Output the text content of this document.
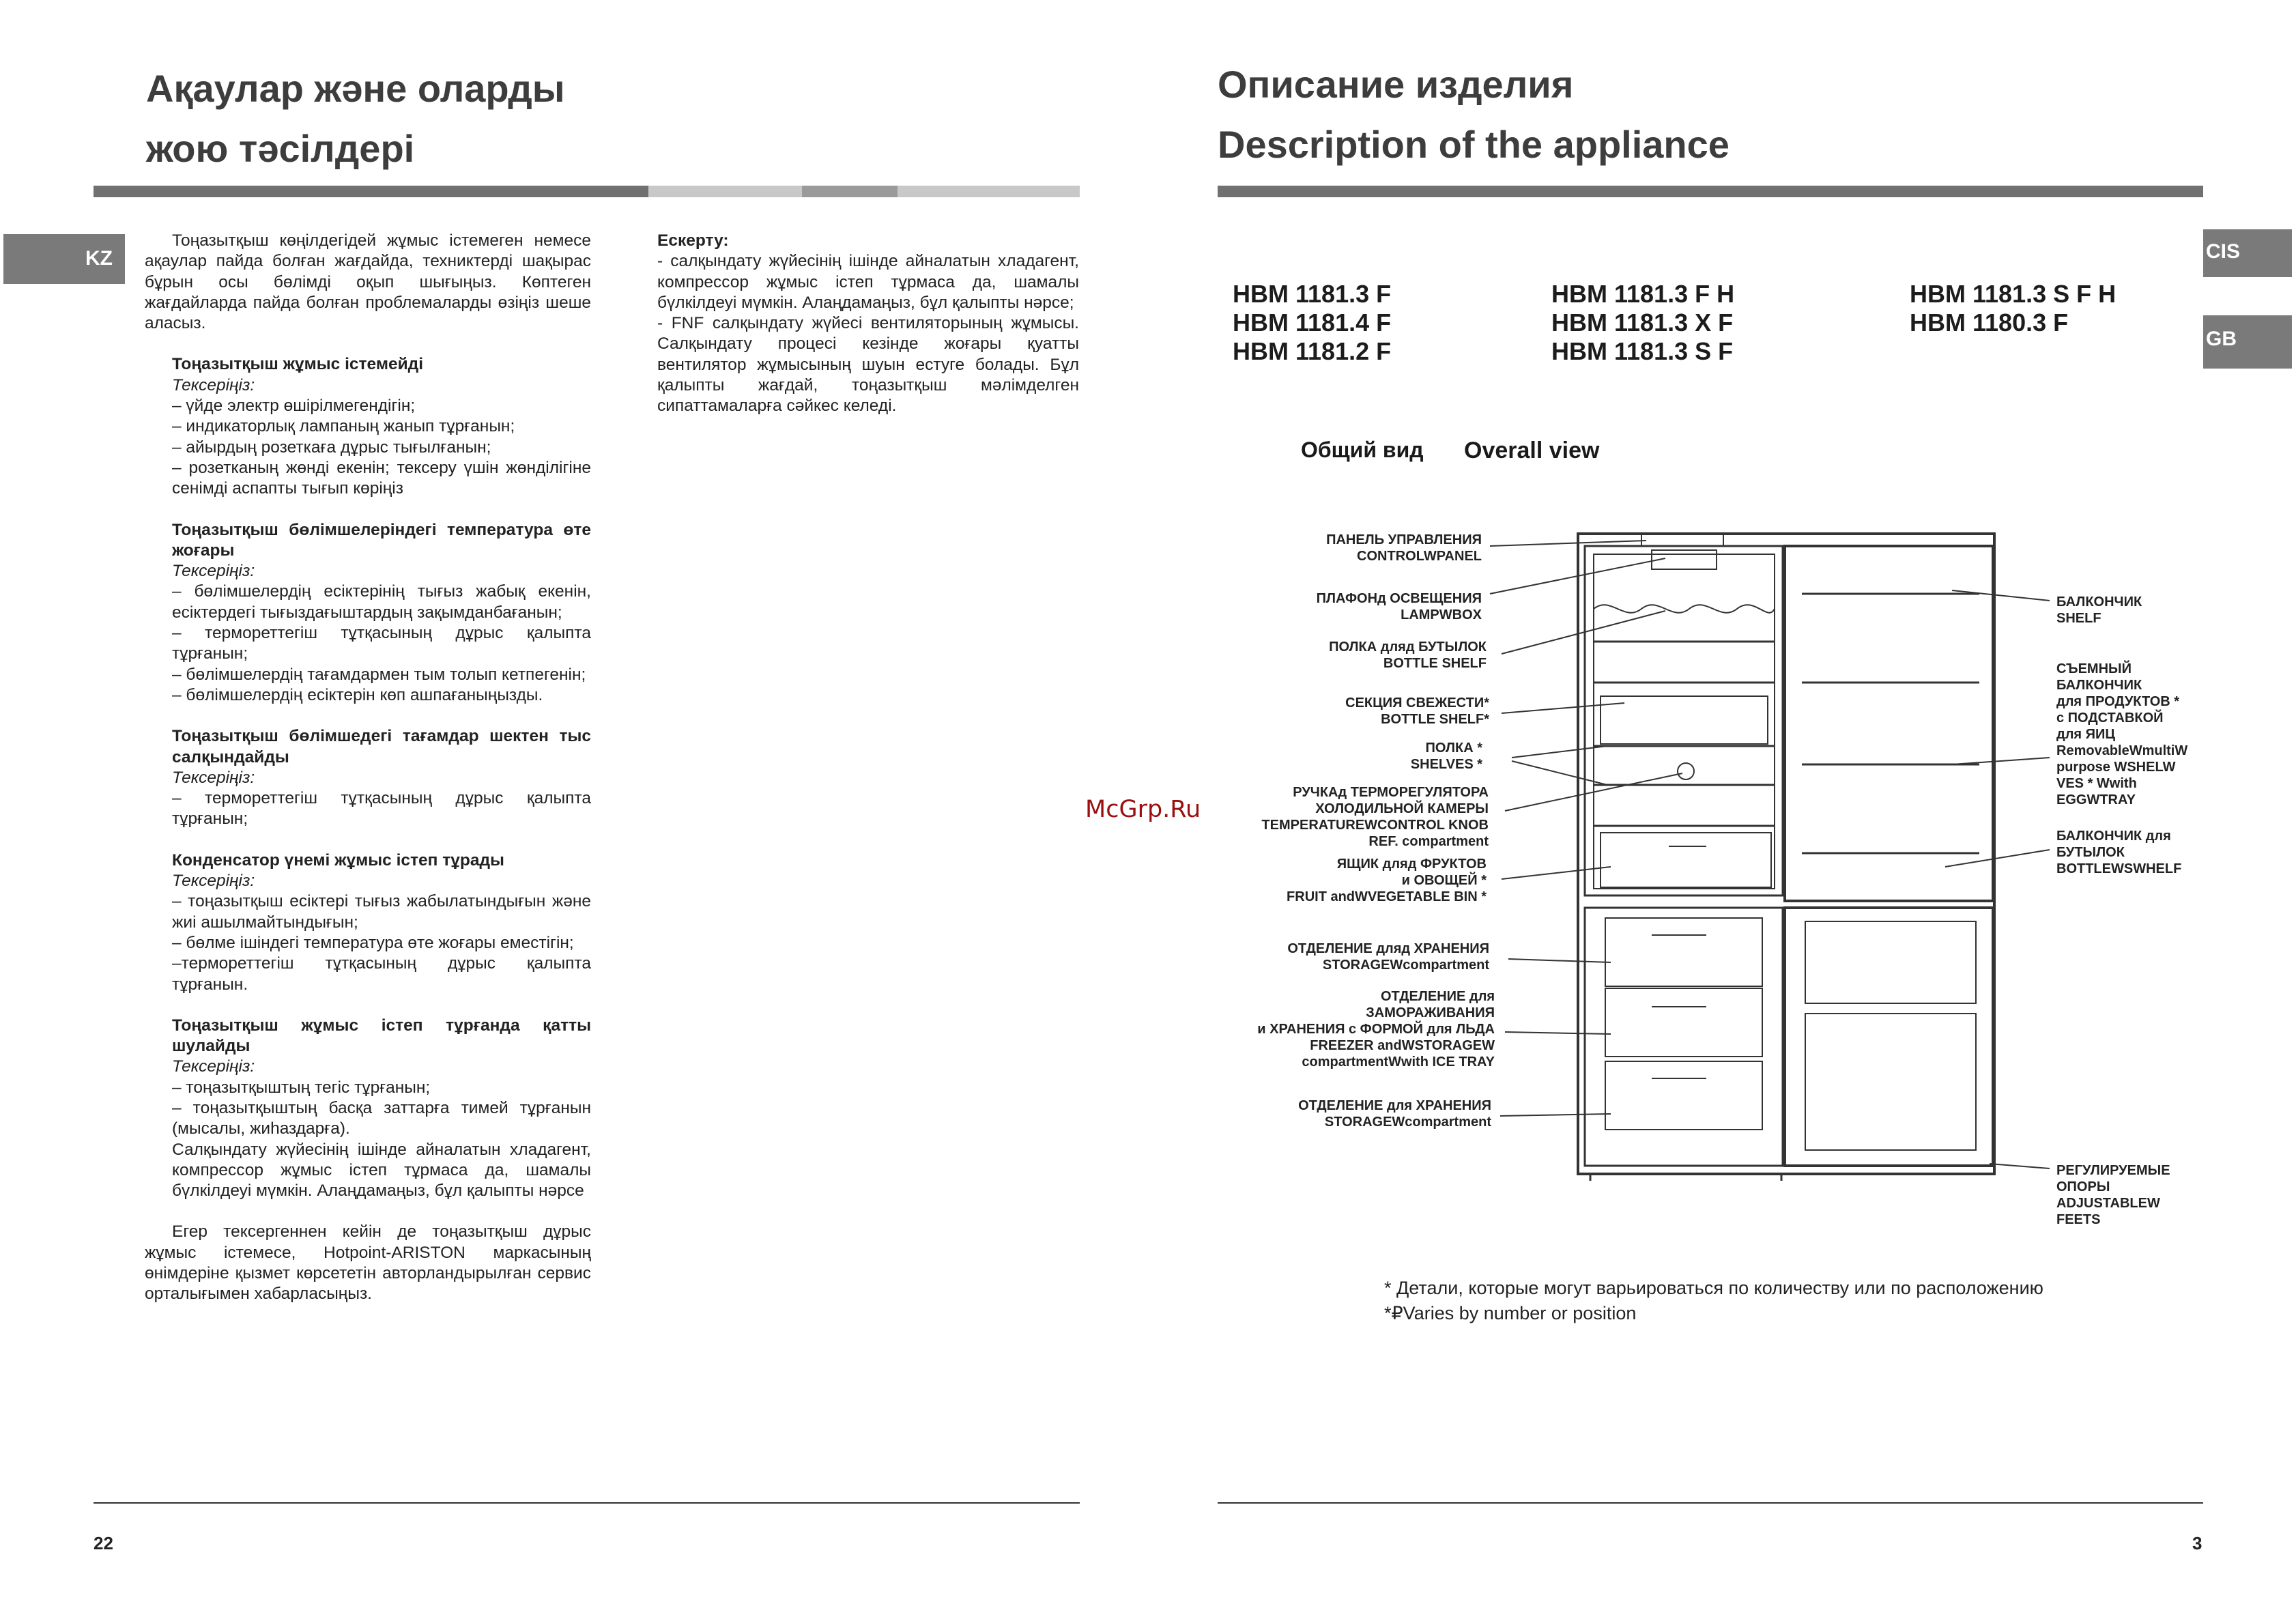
Ақаулар және оларды
жою тәсілдері
KZ

Тоңазытқыш көңілдегідей жұмыс істемеген немесе ақаулар пайда болған жағдайда, техниктерді шақырас бұрын осы бөлімді оқып шығыңыз. Көптеген жағдайларда пайда болған проблемаларды өзіңіз шеше аласыз.

Тоңазытқыш жұмыс істемейді

Тексеріңіз:

– үйде электр өшірілмегендігін;

– индикаторлық лампаның жанып тұрғанын;

– айырдың розеткаға дұрыс тығылғанын;

– розетканың жөнді екенін; тексеру үшін жөнділігіне сенімді аспапты тығып көріңіз

Тоңазытқыш бөлімшелеріндегі температура өте жоғары

Тексеріңіз:

– бөлімшелердің есіктерінің тығыз жабық екенін, есіктердегі тығыздағыштардың зақымданбағанын;

– термореттегіш тұтқасының дұрыс қалыпта тұрғанын;

– бөлімшелердің тағамдармен тым толып кетпегенін;

– бөлімшелердің есіктерін көп ашпағаныңызды.

Тоңазытқыш бөлімшедегі тағамдар шектен тыс салқындайды

Тексеріңіз:

– термореттегіш тұтқасының дұрыс қалыпта тұрғанын;

Конденсатор үнемі жұмыс істеп тұрады

Тексеріңіз:

– тоңазытқыш есіктері тығыз жабылатындығын және жиі ашылмайтындығын;

– бөлме ішіндегі температура өте жоғары еместігін;

–термореттегіш тұтқасының дұрыс қалыпта тұрғанын.

Тоңазытқыш жұмыс істеп тұрғанда қатты шулайды

Тексеріңіз:

– тоңазытқыштың тегіс тұрғанын;

– тоңазытқыштың басқа заттарға тимей тұрғанын (мысалы, жиһаздарға).

Салқындату жүйесінің ішінде айналатын хладагент, компрессор жұмыс істеп тұрмаса да, шамалы бүлкілдеуі мүмкін. Алаңдамаңыз, бұл қалыпты нәрсе

Егер тексергеннен кейін де тоңазытқыш дұрыс жұмыс істемесе, Hotpoint-ARISTON маркасының өнімдеріне қызмет көрсететін авторландырылған сервис орталығымен хабарласыңыз.

Ескерту:

- салқындату жүйесінің ішінде айналатын хладагент, компрессор жұмыс істеп тұрмаса да, шамалы бүлкілдеуі мүмкін. Алаңдамаңыз, бұл қалыпты нәрсе;
- FNF салқындату жүйесі вентиляторының жұмысы. Салқындату процесі кезінде жоғары қуатты вентилятор жұмысының шуын естуге болады. Бұл қалыпты жағдай, тоңазытқыш мәлімделген сипаттамаларға сәйкес келеді.

22
McGrp.Ru
Описание изделия
Description of the appliance
CIS
GB
HBM 1181.3 F
HBM 1181.4 F
HBM 1181.2 F
HBM 1181.3 F H
HBM 1181.3 X F
HBM 1181.3 S F
HBM 1181.3 S F H
HBM 1180.3 F
Общий вид Overall view
ПАНЕЛЬ УПРАВЛЕНИЯ
CONTROLWPANEL
ПЛАФОНд ОСВЕЩЕНИЯ
LAMPWBOX
ПОЛКА дляд БУТЫЛОК
BOTTLE SHELF
СЕКЦИЯ СВЕЖЕСТИ*
BOTTLE SHELF*
ПОЛКА *
SHELVES *
РУЧКАд ТЕРМОРЕГУЛЯТОРА
ХОЛОДИЛЬНОЙ КАМЕРЫ
TEMPERATUREWCONTROL KNOB
REF. compartment
ЯЩИК дляд ФРУКТОВ
и ОВОЩЕЙ *
FRUIT andWVEGETABLE BIN *
ОТДЕЛЕНИЕ дляд ХРАНЕНИЯ
STORAGEWcompartment
ОТДЕЛЕНИЕ для
ЗАМОРАЖИВАНИЯ
и ХРАНЕНИЯ с ФОРМОЙ для ЛЬДА
FREEZER andWSTORAGEW
compartmentWwith ICE TRAY
ОТДЕЛЕНИЕ для ХРАНЕНИЯ
STORAGEWcompartment
БАЛКОНЧИК
SHELF
СЪЕМНЫЙ
БАЛКОНЧИК
для ПРОДУКТОВ *
с ПОДСТАВКОЙ
для ЯИЦ
RemovableWmultiW
purpose WSHELW
VES * Wwith
EGGWTRAY
БАЛКОНЧИК для
БУТЫЛОК
BOTTLEWSWHELF
РЕГУЛИРУЕМЫЕ
ОПОРЫ
ADJUSTABLEW
FEETS
* Детали, которые могут варьироваться по количеству или по расположению
*₽Varies by number or position
3
